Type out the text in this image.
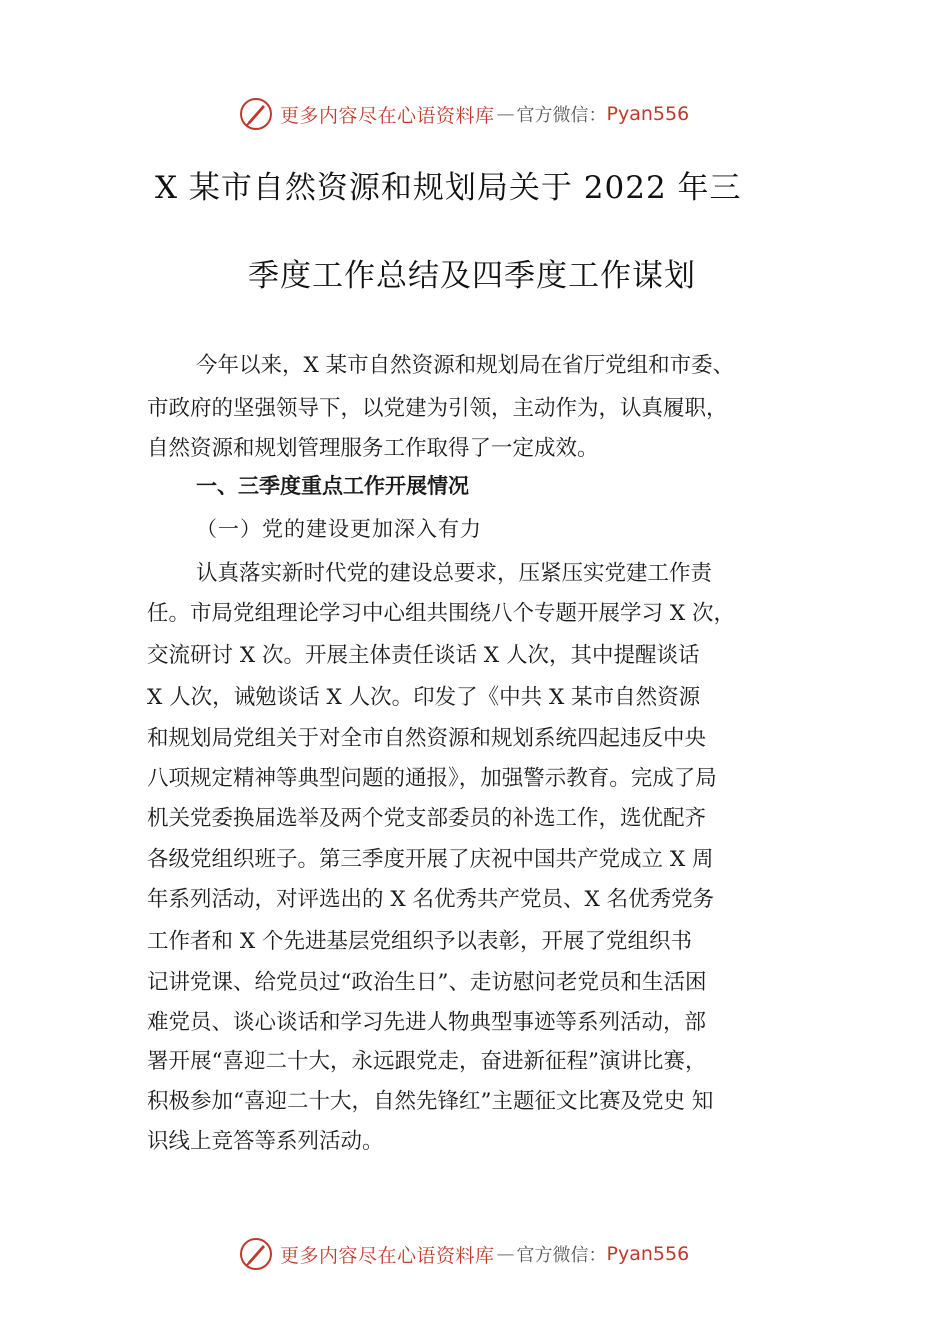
更多内容尽在心语资料库 — 官方微信： Pyan556
X 某市自然资源和规划局关于 2022 年三
季度工作总结及四季度工作谋划
今年以来，X 某市自然资源和规划局在省厅党组和市委、
市政府的坚强领导下，以党建为引领，主动作为，认真履职，
自然资源和规划管理服务工作取得了一定成效。
一、三季度重点工作开展情况
（一）党的建设更加深入有力
认真落实新时代党的建设总要求，压紧压实党建工作责
任。市局党组理论学习中心组共围绕八个专题开展学习 X 次，
交流研讨 X 次。开展主体责任谈话 X 人次，其中提醒谈话
X 人次，诫勉谈话 X 人次。印发了《中共 X 某市自然资源
和规划局党组关于对全市自然资源和规划系统四起违反中央
八项规定精神等典型问题的通报》，加强警示教育。完成了局
机关党委换届选举及两个党支部委员的补选工作，选优配齐
各级党组织班子。第三季度开展了庆祝中国共产党成立 X 周
年系列活动，对评选出的 X 名优秀共产党员、X 名优秀党务
工作者和 X 个先进基层党组织予以表彰，开展了党组织书
记讲党课、给党员过“政治生日”、走访慰问老党员和生活困
难党员、谈心谈话和学习先进人物典型事迹等系列活动，部
署开展“喜迎二十大，永远跟党走，奋进新征程”演讲比赛，
积极参加“喜迎二十大，自然先锋红”主题征文比赛及党史 知
识线上竞答等系列活动。
更多内容尽在心语资料库 — 官方微信： Pyan556
